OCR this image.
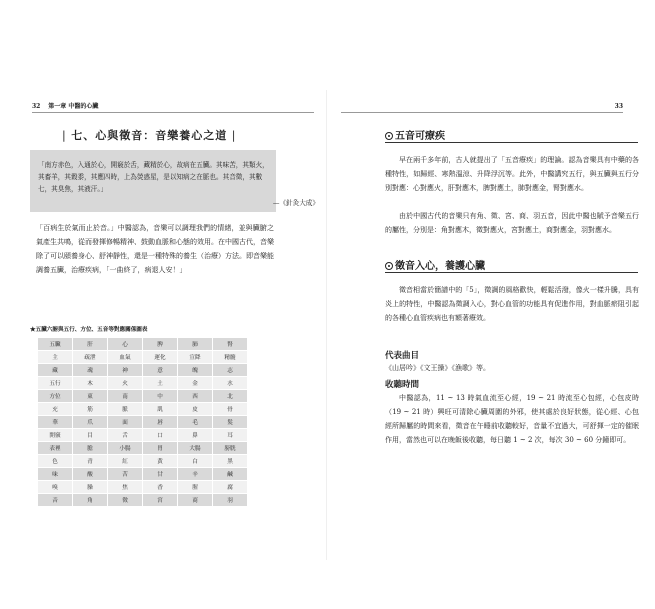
32 第一章 中醫的心臟
| 七、心與徵音：音樂養心之道 |
「南方赤色，入通於心，開竅於舌，藏精於心，故病在五臟。其味苦，其類火，其畜羊，其穀黍，其應四時，上為熒惑星，是以知病之在脈也。其音徵，其數七，其臭焦，其液汗。」
—《針灸大成》
「百病生於氣而止於音。」中醫認為，音樂可以調理我們的情緒，並與臟腑之氣產生共鳴，從而發揮修暢精神、鼓動血脈和心態的效用。在中國古代，音樂除了可以頤養身心、舒神靜性，還是一種特殊的養生（治療）方法。即音樂能調養五臟，治療疾病，「一曲終了，病退人安！」
★五臟六腑與五行、方位、五音等對應關係圖表
五臟	肝	心	脾	肺	腎
主	疏泄	血氣	運化	宣降	精髓
藏	魂	神	意	魄	志
五行	木	火	土	金	水
方位	東	南	中	西	北
充	筋	脈	肌	皮	骨
華	爪	面	唇	毛	髮
開竅	目	舌	口	鼻	耳
表裡	膽	小腸	胃	大腸	膀胱
色	青	紅	黃	白	黑
味	酸	苦	甘	辛	鹹
嗅	臊	焦	香	腥	腐
音	角	徵	宮	商	羽
33
五音可療疾
早在兩千多年前，古人就提出了「五音療疾」的理論。認為音樂具有中藥的各種特性，如歸經、寒熱溫涼、升降浮沉等。此外，中醫講究五行，與五臟與五行分別對應：心對應火，肝對應木，脾對應土，肺對應金，腎對應水。
由於中國古代的音樂只有角、徵、宮、商、羽五音，因此中醫也賦予音樂五行的屬性，分別是：角對應木，徵對應火，宮對應土，商對應金，羽對應水。
徵音入心，養護心臟
徵音相當於簡譜中的「5」，徵調的風格歡快，輕鬆活潑，像火一樣升騰，具有炎上的特性，中醫認為徵調入心，對心血管的功能具有促進作用，對血脈瘀阻引起的各種心血管疾病也有額著療效。
代表曲目
《山居吟》《文王操》《漁歌》等。
收聽時間
中醫認為，11 ~ 13 時氣血流至心經，19 ~ 21 時流至心包經，心包皮時（19 ~ 21 時）興旺可清除心臟周圍的外邪，使其處於良好狀態，從心經、心包經所歸屬的時間來看，徵音在午睡前收聽較好，音量不宜過大，可舒揮一定的催眠作用，當然也可以在晚飯後收聽，每日聽 1 ~ 2 次，每次 30 ~ 60 分鐘即可。
